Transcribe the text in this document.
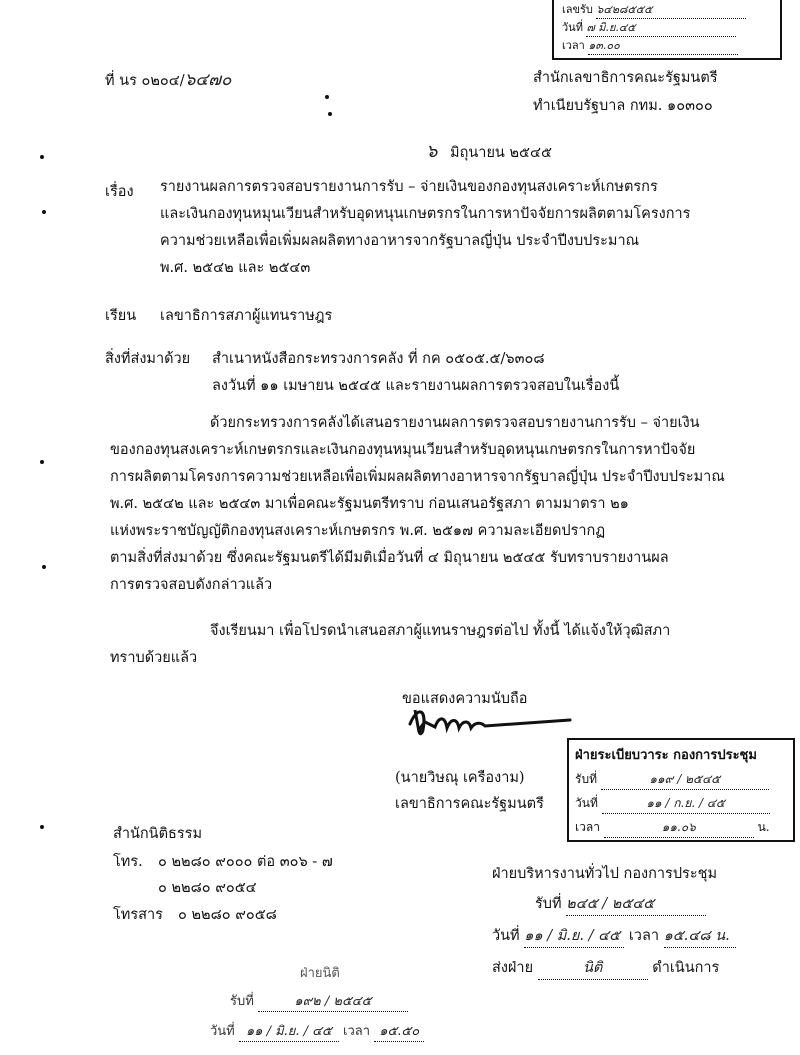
เลขรับ ๖๔๒๘๕๕๕
วันที่ ๗ มิ.ย.๔๕
เวลา ๑๓.๐๐
ที่ นร ๐๒๐๔/๖๔๗๐	สำนักเลขาธิการคณะรัฐมนตรี
ทำเนียบรัฐบาล กทม. ๑๐๓๐๐
๖ มิถุนายน ๒๕๔๕
เรื่อง รายงานผลการตรวจสอบรายงานการรับ – จ่ายเงินของกองทุนสงเคราะห์เกษตรกร
และเงินกองทุนหมุนเวียนสำหรับอุดหนุนเกษตรกรในการหาปัจจัยการผลิตตามโครงการ
ความช่วยเหลือเพื่อเพิ่มผลผลิตทางอาหารจากรัฐบาลญี่ปุ่น ประจำปีงบประมาณ
พ.ศ. ๒๕๔๒ และ ๒๕๔๓
เรียน เลขาธิการสภาผู้แทนราษฎร
สิ่งที่ส่งมาด้วย สำเนาหนังสือกระทรวงการคลัง ที่ กค ๐๕๐๕.๕/๖๓๐๘
ลงวันที่ ๑๑ เมษายน ๒๕๔๕ และรายงานผลการตรวจสอบในเรื่องนี้
ด้วยกระทรวงการคลังได้เสนอรายงานผลการตรวจสอบรายงานการรับ – จ่ายเงิน
ของกองทุนสงเคราะห์เกษตรกรและเงินกองทุนหมุนเวียนสำหรับอุดหนุนเกษตรกรในการหาปัจจัย
การผลิตตามโครงการความช่วยเหลือเพื่อเพิ่มผลผลิตทางอาหารจากรัฐบาลญี่ปุ่น ประจำปีงบประมาณ
พ.ศ. ๒๕๔๒ และ ๒๕๔๓ มาเพื่อคณะรัฐมนตรีทราบ ก่อนเสนอรัฐสภา ตามมาตรา ๒๑
แห่งพระราชบัญญัติกองทุนสงเคราะห์เกษตรกร พ.ศ. ๒๕๑๗ ความละเอียดปรากฏ
ตามสิ่งที่ส่งมาด้วย ซึ่งคณะรัฐมนตรีได้มีมติเมื่อวันที่ ๔ มิถุนายน ๒๕๔๕ รับทราบรายงานผล
การตรวจสอบดังกล่าวแล้ว
จึงเรียนมา เพื่อโปรดนำเสนอสภาผู้แทนราษฎรต่อไป ทั้งนี้ ได้แจ้งให้วุฒิสภา
ทราบด้วยแล้ว
ขอแสดงความนับถือ
(นายวิษณุ เครืองาม)
เลขาธิการคณะรัฐมนตรี
สำนักนิติธรรม
โทร. ๐ ๒๒๘๐ ๙๐๐๐ ต่อ ๓๐๖ - ๗
๐ ๒๒๘๐ ๙๐๕๔
โทรสาร ๐ ๒๒๘๐ ๙๐๕๘
ฝ่ายระเบียบวาระ กองการประชุม
รับที่	๑๑๙ / ๒๕๔๕
วันที่	๑๑ / ก.ย. / ๔๕
เวลา	๑๑.๐๖	น.
ฝ่ายบริหารงานทั่วไป กองการประชุม
รับที่ ๒๔๕ / ๒๕๔๕
วันที่ ๑๑ / มิ.ย. / ๔๕ เวลา ๑๕.๔๘ น.
ส่งฝ่าย	นิติ	ดำเนินการ
ฝ่ายนิติ
รับที่	๑๙๒ / ๒๕๔๕
วันที่ ๑๑ / มิ.ย. / ๔๕ เวลา ๑๕.๕๐
